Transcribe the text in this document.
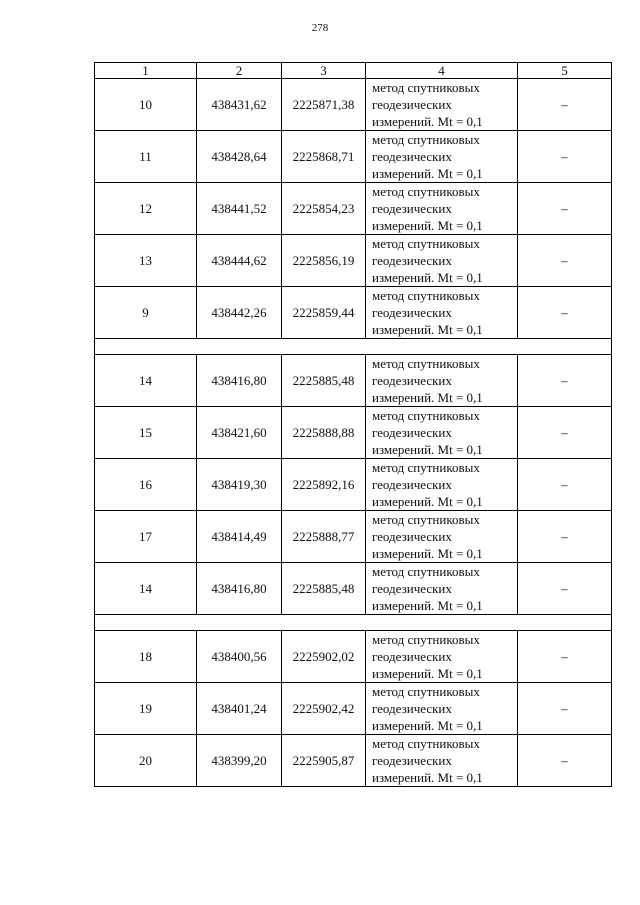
278
1	2	3	4	5
10	438431,62	2225871,38	метод спутниковых
геодезических
измерений. Mt = 0,1	–
11	438428,64	2225868,71	метод спутниковых
геодезических
измерений. Mt = 0,1	–
12	438441,52	2225854,23	метод спутниковых
геодезических
измерений. Mt = 0,1	–
13	438444,62	2225856,19	метод спутниковых
геодезических
измерений. Mt = 0,1	–
9	438442,26	2225859,44	метод спутниковых
геодезических
измерений. Mt = 0,1	–

14	438416,80	2225885,48	метод спутниковых
геодезических
измерений. Mt = 0,1	–
15	438421,60	2225888,88	метод спутниковых
геодезических
измерений. Mt = 0,1	–
16	438419,30	2225892,16	метод спутниковых
геодезических
измерений. Mt = 0,1	–
17	438414,49	2225888,77	метод спутниковых
геодезических
измерений. Mt = 0,1	–
14	438416,80	2225885,48	метод спутниковых
геодезических
измерений. Mt = 0,1	–

18	438400,56	2225902,02	метод спутниковых
геодезических
измерений. Mt = 0,1	–
19	438401,24	2225902,42	метод спутниковых
геодезических
измерений. Mt = 0,1	–
20	438399,20	2225905,87	метод спутниковых
геодезических
измерений. Mt = 0,1	–
